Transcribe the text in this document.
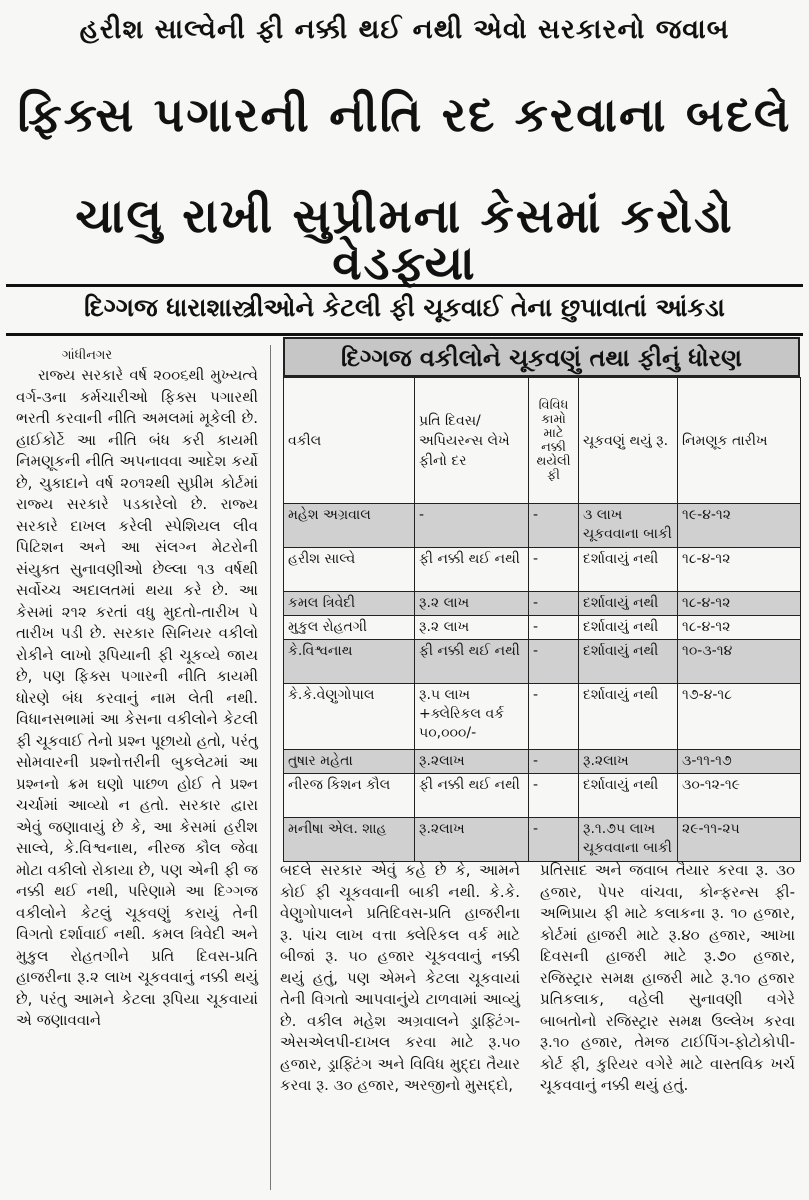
હરીશ સાલ્વેની ફી નક્કી થઈ નથી એવો સરકારનો જવાબ
ફિક્સ પગારની નીતિ રદ કરવાના બદલે
ચાલુ રાખી સુપ્રીમના કેસમાં કરોડો વેડફ્યા
દિગ્ગજ ધારાશાસ્ત્રીઓને કેટલી ફી ચૂકવાઈ તેના છુપાવાતાં આંકડા
ગાંધીનગર
રાજ્ય સરકારે વર્ષ ૨૦૦૬થી મુખ્યત્વે વર્ગ-૩ના કર્મચારીઓ ફિક્સ પગારથી ભરતી કરવાની નીતિ અમલમાં મૂકેલી છે. હાઈકોર્ટે આ નીતિ બંધ કરી કાયમી નિમણૂકની નીતિ અપનાવવા આદેશ કર્યો છે, ચુકાદાને વર્ષ ૨૦૧૨થી સુપ્રીમ કોર્ટમાં રાજ્ય સરકારે પડકારેલો છે. રાજ્ય સરકારે દાખલ કરેલી સ્પેશિયલ લીવ પિટિશન અને આ સંલગ્ન મેટરોની સંયુક્ત સુનાવણીઓ છેલ્લા ૧૩ વર્ષથી સર્વોચ્ચ અદાલતમાં થયા કરે છે. આ કેસમાં ૨૧૨ કરતાં વધુ મુદતો-તારીખ પે તારીખ પડી છે. સરકાર સિનિયર વકીલો રોકીને લાખો રૂપિયાની ફી ચૂકવ્યે જાય છે, પણ ફિક્સ પગારની નીતિ કાયમી ધોરણે બંધ કરવાનું નામ લેતી નથી. વિધાનસભામાં આ કેસના વકીલોને કેટલી ફી ચૂકવાઈ તેનો પ્રશ્ન પૂછાયો હતો, પરંતુ સોમવારની પ્રશ્નોત્તરીની બુકલેટમાં આ પ્રશ્નનો ક્રમ ઘણો પાછળ હોઈ તે પ્રશ્ન ચર્ચામાં આવ્યો ન હતો. સરકાર દ્વારા એવું જણાવાયું છે કે, આ કેસમાં હરીશ સાલ્વે, કે.વિશ્વનાથ, નીરજ કૌલ જેવા મોટા વકીલો રોકાયા છે, પણ એની ફી જ નક્કી થઈ નથી, પરિણામે આ દિગ્ગજ વકીલોને કેટલું ચૂકવણું કરાયું તેની વિગતો દર્શાવાઈ નથી. કમલ ત્રિવેદી અને મુકુલ રોહતગીને પ્રતિ દિવસ-પ્રતિ હાજરીના રૂ.૨ લાખ ચૂકવવાનું નક્કી થયું છે, પરંતુ આમને કેટલા રૂપિયા ચૂકવાયાં એ જણાવવાને
દિગ્ગજ વકીલોને ચૂકવણું તથા ફીનું ધોરણ
વકીલ	પ્રતિ દિવસ/ અપિયરન્સ લેખે ફીનો દર	વિવિધ કામો માટે નક્કી થયેલી ફી	ચૂકવણું થયું રૂ.	નિમણૂક તારીખ
મહેશ અગ્રવાલ	-	-	૩ લાખ ચૂકવવાના બાકી	૧૯-૪-૧૨
હરીશ સાલ્વે	ફી નક્કી થઈ નથી	-	દર્શાવાયું નથી	૧૮-૪-૧૨
કમલ ત્રિવેદી	રૂ.૨ લાખ	-	દર્શાવાયું નથી	૧૮-૪-૧૨
મુકુલ રોહતગી	રૂ.૨ લાખ	-	દર્શાવાયું નથી	૧૮-૪-૧૨
કે.વિશ્વનાથ	ફી નક્કી થઈ નથી	-	દર્શાવાયું નથી	૧૦-૩-૧૪
કે.કે.વેણુગોપાલ	રૂ.૫ લાખ +ક્લેરિકલ વર્ક ૫૦,૦૦૦/-	-	દર્શાવાયું નથી	૧૭-૪-૧૮
તુષાર મહેતા	રૂ.૨લાખ	-	રૂ.૨લાખ	૩-૧૧-૧૭
નીરજ કિશન કૌલ	ફી નક્કી થઈ નથી	-	દર્શાવાયું નથી	૩૦-૧૨-૧૯
મનીષા એલ. શાહ	રૂ.૨લાખ	-	રૂ.૧.૭૫ લાખ ચૂકવવાના બાકી	૨૯-૧૧-૨૫
બદલે સરકાર એવું કહે છે કે, આમને કોઈ ફી ચૂકવવાની બાકી નથી. કે.કે. વેણુગોપાલને પ્રતિદિવસ-પ્રતિ હાજરીના રૂ. પાંચ લાખ વત્તા ક્લેરિકલ વર્ક માટે બીજાં રૂ. ૫૦ હજાર ચૂકવવાનું નક્કી થયું હતું, પણ એમને કેટલા ચૂકવાયાં તેની વિગતો આપવાનુંયે ટાળવામાં આવ્યું છે. વકીલ મહેશ અગ્રવાલને ડ્રાફ્ટિંગ-એસએલપી-દાખલ કરવા માટે રૂ.૫૦ હજાર, ડ્રાફ્ટિંગ અને વિવિધ મુદ્દા તૈયાર કરવા રૂ. ૩૦ હજાર, અરજીનો મુસદ્દો,
પ્રતિસાદ અને જવાબ તૈયાર કરવા રૂ. ૩૦ હજાર, પેપર વાંચવા, કોન્ફરન્સ ફી-અભિપ્રાય ફી માટે કલાકના રૂ. ૧૦ હજાર, કોર્ટમાં હાજરી માટે રૂ.૪૦ હજાર, આખા દિવસની હાજરી માટે રૂ.૭૦ હજાર, રજિસ્ટ્રાર સમક્ષ હાજરી માટે રૂ.૧૦ હજાર પ્રતિકલાક, વહેલી સુનાવણી વગેરે બાબતોનો રજિસ્ટ્રાર સમક્ષ ઉલ્લેખ કરવા રૂ.૧૦ હજાર, તેમજ ટાઈપિંગ-ફોટોકોપી-કોર્ટ ફી, કુરિયર વગેરે માટે વાસ્તવિક ખર્ચ ચૂકવવાનું નક્કી થયું હતું.
